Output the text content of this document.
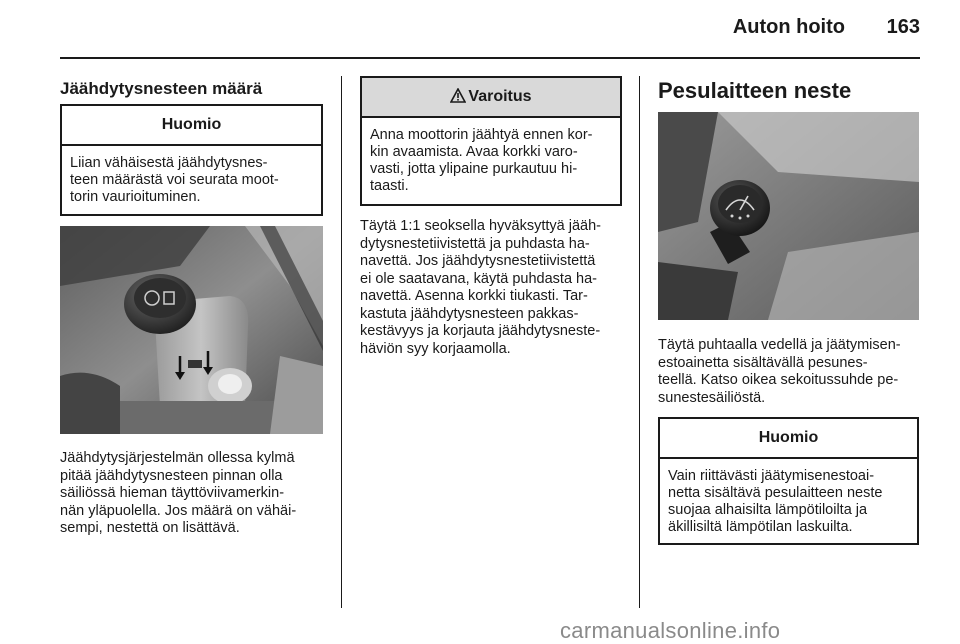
Auton hoito	163
Jäähdytysnesteen määrä
Huomio
Liian vähäisestä jäähdytysnes-
teen määrästä voi seurata moot-
torin vaurioituminen.
Jäähdytysjärjestelmän ollessa kylmä
pitää jäähdytysnesteen pinnan olla
säiliössä hieman täyttöviivamerkin-
nän yläpuolella. Jos määrä on vähäi-
sempi, nestettä on lisättävä.
Varoitus
Anna moottorin jäähtyä ennen kor-
kin avaamista. Avaa korkki varo-
vasti, jotta ylipaine purkautuu hi-
taasti.
Täytä 1:1 seoksella hyväksyttyä jääh-
dytysnestetiivistettä ja puhdasta ha-
navettä. Jos jäähdytysnestetiivistettä
ei ole saatavana, käytä puhdasta ha-
navettä. Asenna korkki tiukasti. Tar-
kastuta jäähdytysnesteen pakkas-
kestävyys ja korjauta jäähdytysneste-
häviön syy korjaamolla.
Pesulaitteen neste
Täytä puhtaalla vedellä ja jäätymisen-
estoainetta sisältävällä pesunes-
teellä. Katso oikea sekoitussuhde pe-
sunestesäiliöstä.
Huomio
Vain riittävästi jäätymisenestoai-
netta sisältävä pesulaitteen neste
suojaa alhaisilta lämpötiloilta ja
äkillisiltä lämpötilan laskuilta.
carmanualsonline.info
